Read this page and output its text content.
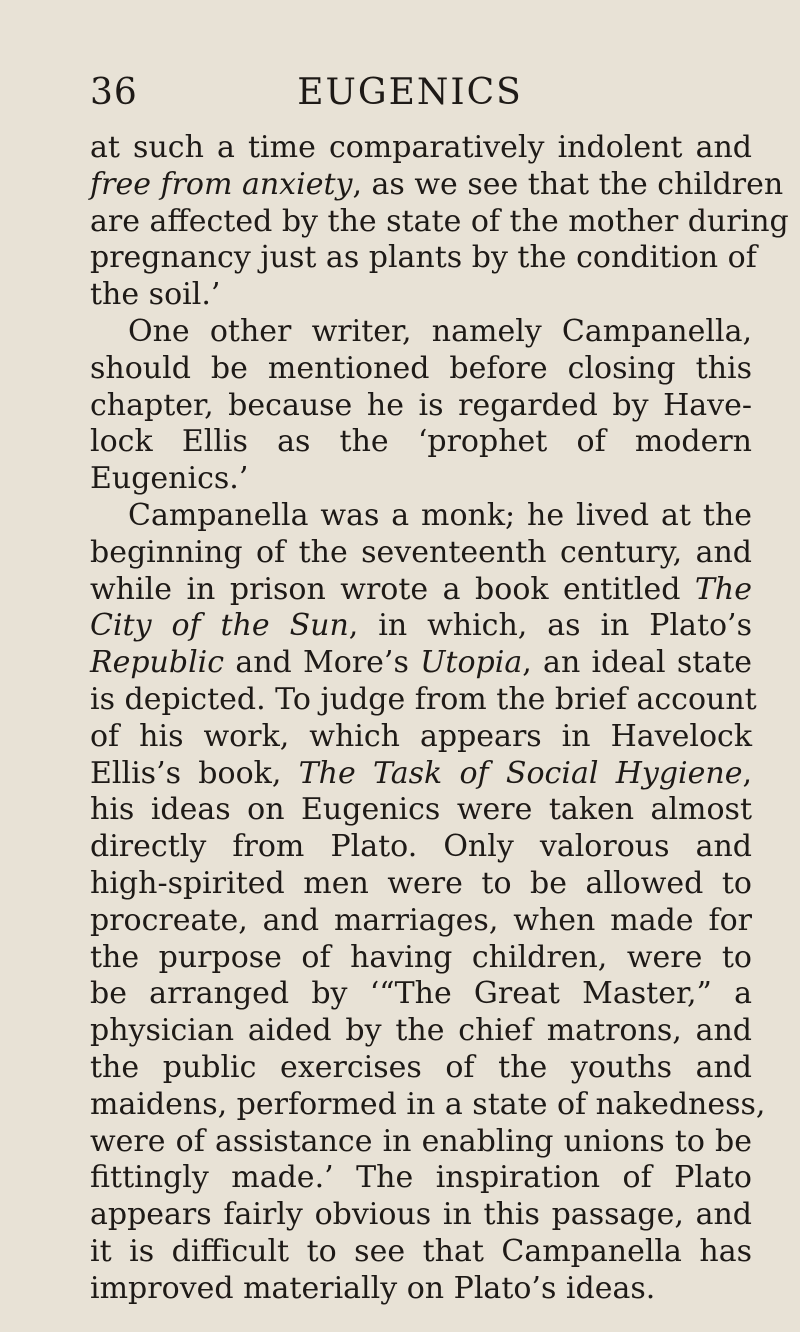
36	EUGENICS
at such a time comparatively indolent and
free from anxiety, as we see that the children
are affected by the state of the mother during
pregnancy just as plants by the condition of
the soil.’
One other writer, namely Campanella,
should be mentioned before closing this
chapter, because he is regarded by Have-
lock Ellis as the ‘prophet of modern
Eugenics.’
Campanella was a monk; he lived at the
beginning of the seventeenth century, and
while in prison wrote a book entitled The
City of the Sun, in which, as in Plato’s
Republic and More’s Utopia, an ideal state
is depicted. To judge from the brief account
of his work, which appears in Havelock
Ellis’s book, The Task of Social Hygiene,
his ideas on Eugenics were taken almost
directly from Plato. Only valorous and
high-spirited men were to be allowed to
procreate, and marriages, when made for
the purpose of having children, were to
be arranged by ‘“The Great Master,” a
physician aided by the chief matrons, and
the public exercises of the youths and
maidens, performed in a state of nakedness,
were of assistance in enabling unions to be
fittingly made.’ The inspiration of Plato
appears fairly obvious in this passage, and
it is difficult to see that Campanella has
improved materially on Plato’s ideas.
